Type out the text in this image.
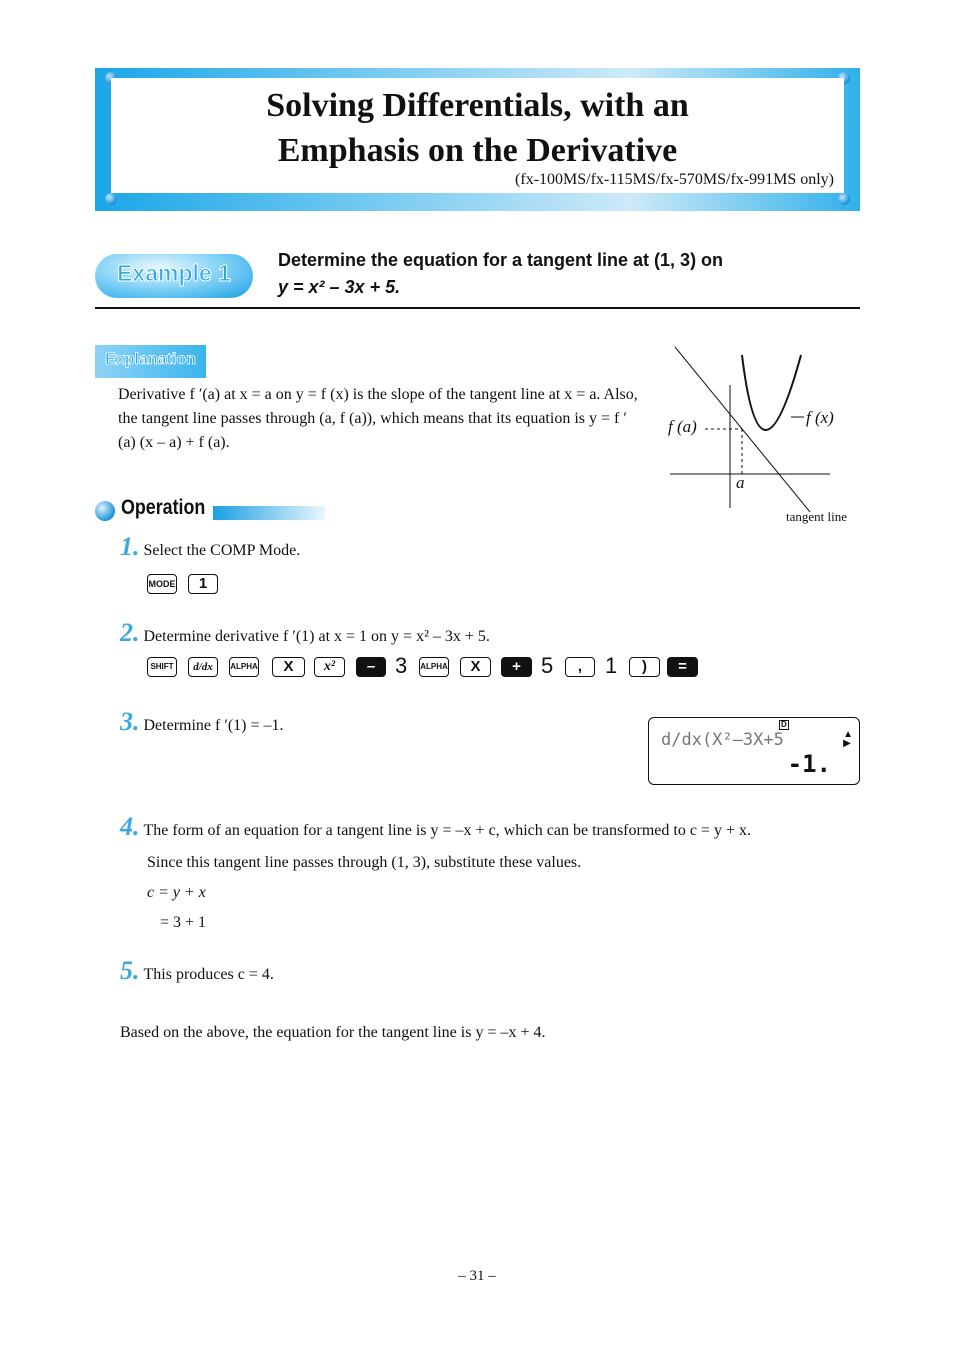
Solving Differentials, with an
Emphasis on the Derivative
(fx-100MS/fx-115MS/fx-570MS/fx-991MS only)
Example 1	Determine the equation for a tangent line at (1, 3) on
y = x² – 3x + 5.
Explanation
Derivative f ′(a) at x = a on y = f (x) is the slope of the tangent line at x = a. Also, the tangent line passes through (a, f (a)), which means that its equation is y = f ′(a) (x – a) + f (a).
f (a)	f (x)
a
tangent line
Operation
1. Select the COMP Mode.
MODE	1
2. Determine derivative f ′(1) at x = 1 on y = x² – 3x + 5.
SHIFT	d/dx	ALPHA	X	x²	– 3 ALPHA	X	+ 5	,	1	)	=
3. Determine f ′(1) = –1.	D
d/dx(X²–3X+5	▲
▶
-1.
4. The form of an equation for a tangent line is y = –x + c, which can be transformed to c = y + x.
Since this tangent line passes through (1, 3), substitute these values.
c = y + x
= 3 + 1
5. This produces c = 4.
Based on the above, the equation for the tangent line is y = –x + 4.
– 31 –
